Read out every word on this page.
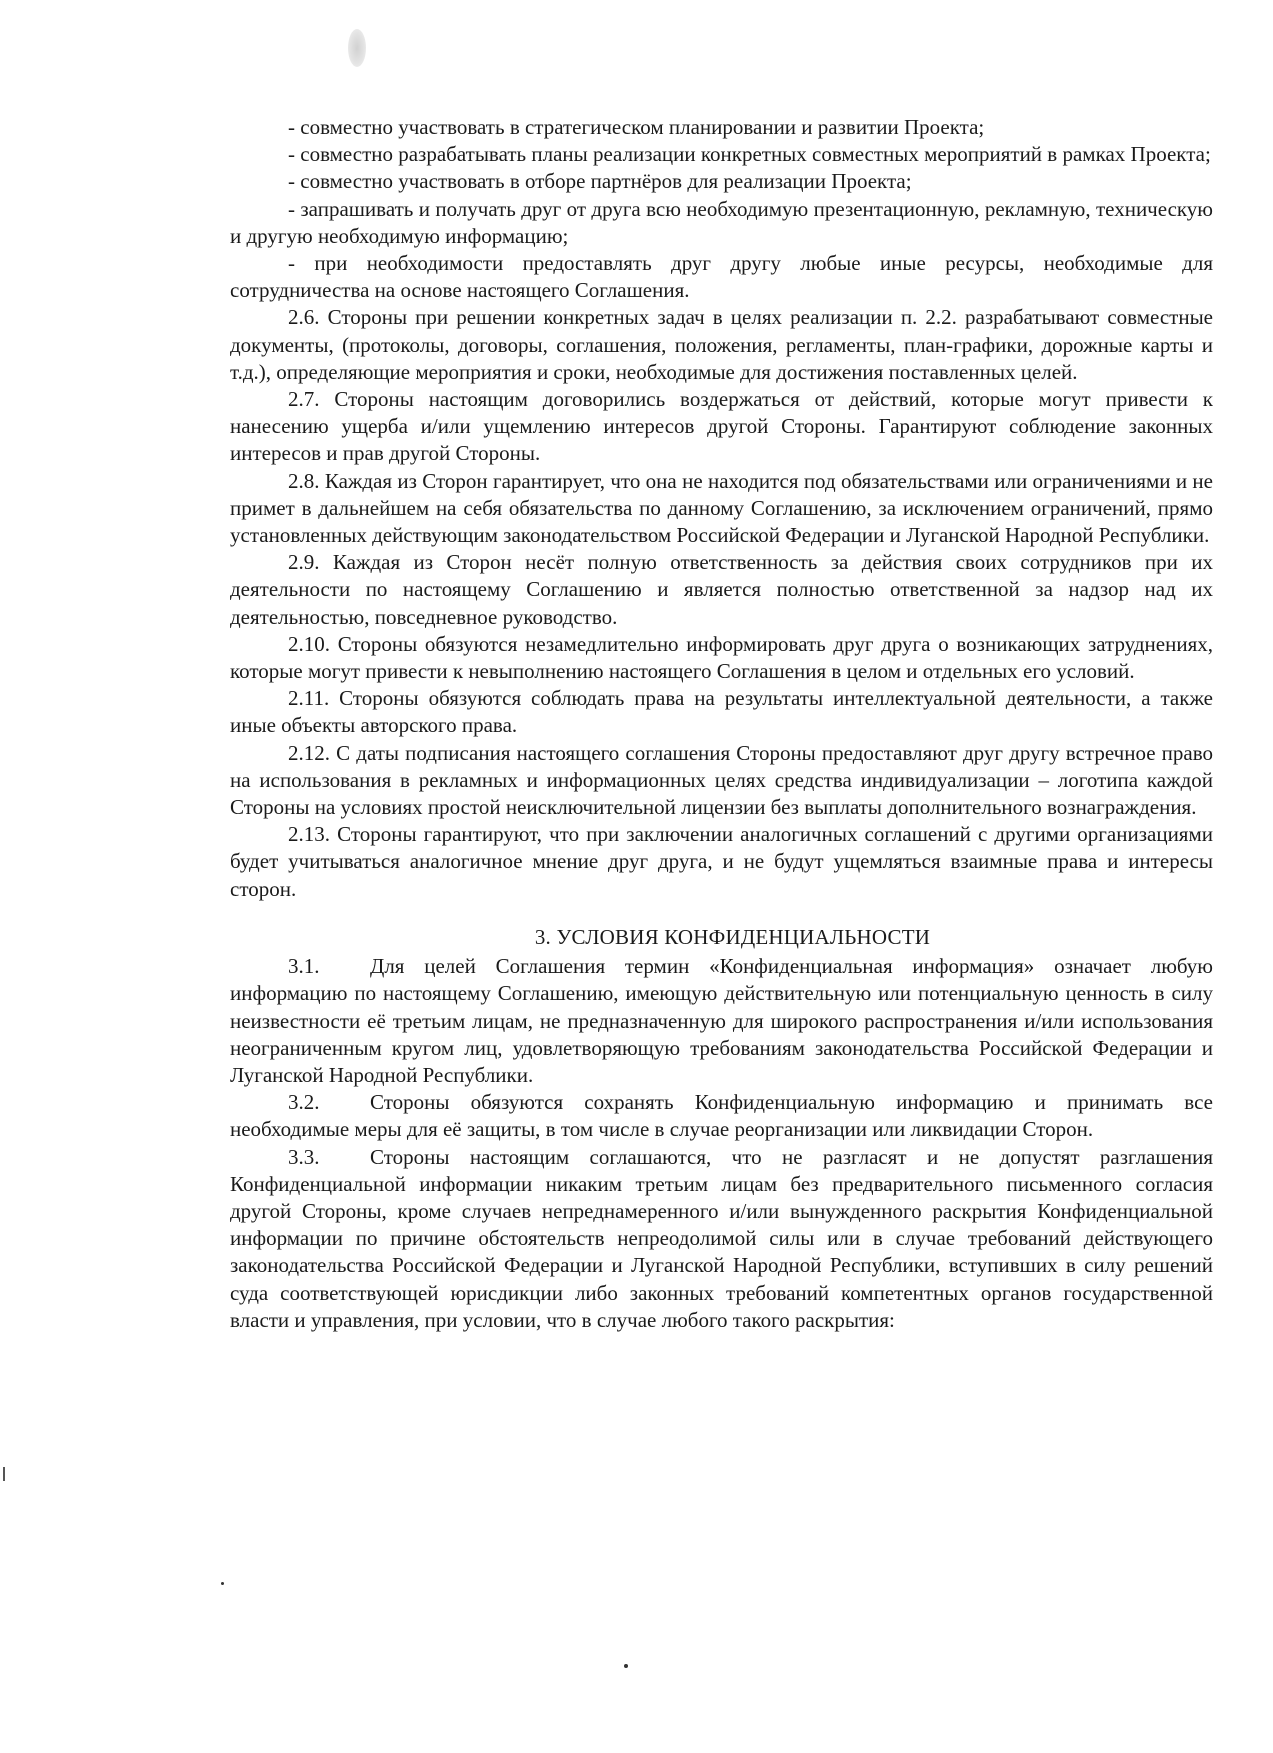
- совместно участвовать в стратегическом планировании и развитии Проекта;

- совместно разрабатывать планы реализации конкретных совместных мероприятий в рамках Проекта;

- совместно участвовать в отборе партнёров для реализации Проекта;

- запрашивать и получать друг от друга всю необходимую презентационную, рекламную, техническую и другую необходимую информацию;

- при необходимости предоставлять друг другу любые иные ресурсы, необходимые для сотрудничества на основе настоящего Соглашения.

2.6. Стороны при решении конкретных задач в целях реализации п. 2.2. разрабатывают совместные документы, (протоколы, договоры, соглашения, положения, регламенты, план-графики, дорожные карты и т.д.), определяющие мероприятия и сроки, необходимые для достижения поставленных целей.

2.7. Стороны настоящим договорились воздержаться от действий, которые могут привести к нанесению ущерба и/или ущемлению интересов другой Стороны. Гарантируют соблюдение законных интересов и прав другой Стороны.

2.8. Каждая из Сторон гарантирует, что она не находится под обязательствами или ограничениями и не примет в дальнейшем на себя обязательства по данному Соглашению, за исключением ограничений, прямо установленных действующим законодательством Российской Федерации и Луганской Народной Республики.

2.9. Каждая из Сторон несёт полную ответственность за действия своих сотрудников при их деятельности по настоящему Соглашению и является полностью ответственной за надзор над их деятельностью, повседневное руководство.

2.10. Стороны обязуются незамедлительно информировать друг друга о возникающих затруднениях, которые могут привести к невыполнению настоящего Соглашения в целом и отдельных его условий.

2.11. Стороны обязуются соблюдать права на результаты интеллектуальной деятельности, а также иные объекты авторского права.

2.12. С даты подписания настоящего соглашения Стороны предоставляют друг другу встречное право на использования в рекламных и информационных целях средства индивидуализации – логотипа каждой Стороны на условиях простой неисключительной лицензии без выплаты дополнительного вознаграждения.

2.13. Стороны гарантируют, что при заключении аналогичных соглашений с другими организациями будет учитываться аналогичное мнение друг друга, и не будут ущемляться взаимные права и интересы сторон.

3. УСЛОВИЯ КОНФИДЕНЦИАЛЬНОСТИ

3.1. Для целей Соглашения термин «Конфиденциальная информация» означает любую информацию по настоящему Соглашению, имеющую действительную или потенциальную ценность в силу неизвестности её третьим лицам, не предназначенную для широкого распространения и/или использования неограниченным кругом лиц, удовлетворяющую требованиям законодательства Российской Федерации и Луганской Народной Республики.

3.2. Стороны обязуются сохранять Конфиденциальную информацию и принимать все необходимые меры для её защиты, в том числе в случае реорганизации или ликвидации Сторон.

3.3. Стороны настоящим соглашаются, что не разгласят и не допустят разглашения Конфиденциальной информации никаким третьим лицам без предварительного письменного согласия другой Стороны, кроме случаев непреднамеренного и/или вынужденного раскрытия Конфиденциальной информации по причине обстоятельств непреодолимой силы или в случае требований действующего законодательства Российской Федерации и Луганской Народной Республики, вступивших в силу решений суда соответствующей юрисдикции либо законных требований компетентных органов государственной власти и управления, при условии, что в случае любого такого раскрытия:
